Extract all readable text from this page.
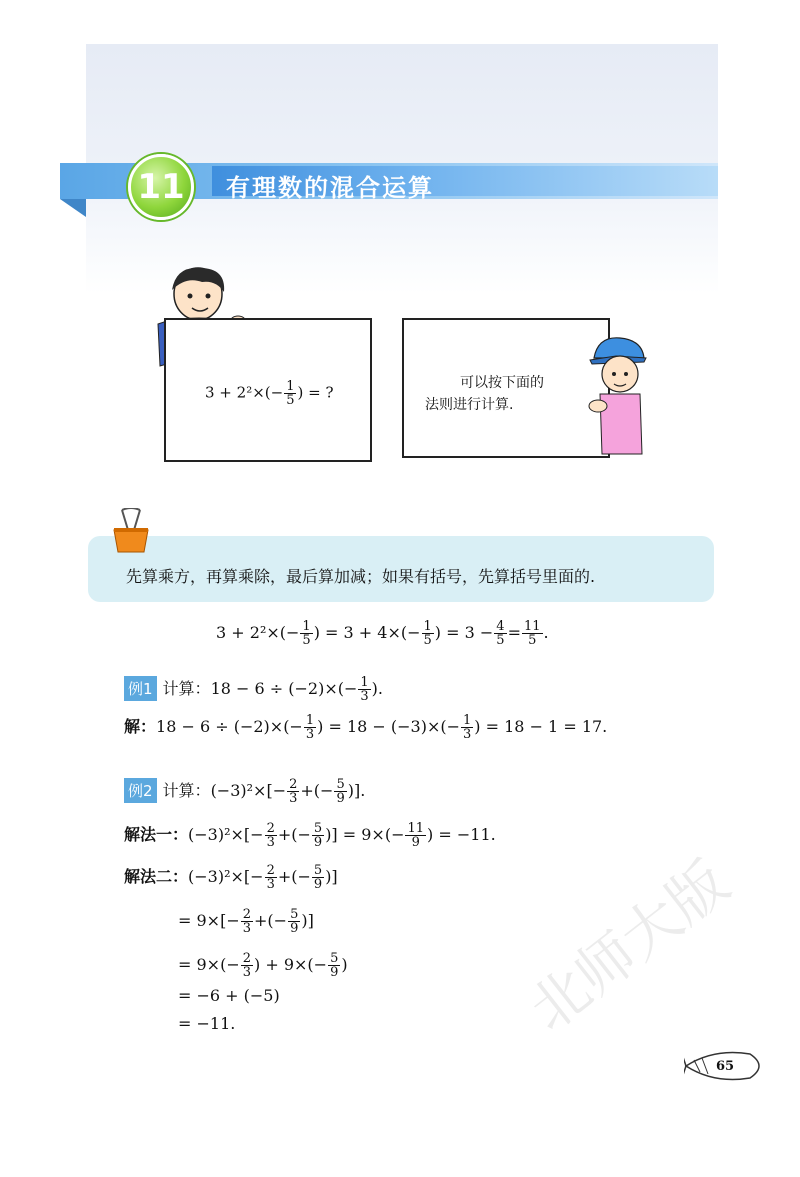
有理数的混合运算
11
$3 + 2^2\times(- \frac{1}{5}$ ) = ?
可以按下面的
法则进行计算.
先算乘方，再算乘除，最后算加减；如果有括号，先算括号里面的.
$3 + 2^2\times(- \frac{1}{5}$ ) = $3 + 4\times(- \frac{1}{5}$ ) = $3 - \frac{4}{5} = \frac{11}{5}$ .
例1 计算：$18 - 6 \div (-2)\times(- \frac{1}{3}$ ).
解：$18 - 6 \div (-2)\times(- \frac{1}{3}$ ) = $18 - (-3)\times(- \frac{1}{3}$ ) = 18 − 1 = 17.
例2 计算：$(-3)^2\times[- \frac{2}{3}$ +(− $\frac{5}{9}$ )].
解法一：$(-3)^2\times[- \frac{2}{3}$ +(− $\frac{5}{9}$ )] = $9\times(- \frac{11}{9}$ ) = −11.
解法二：$(-3)^2\times[- \frac{2}{3}$ +(− $\frac{5}{9}$ )]
= $9\times[- \frac{2}{3}$ +(− $\frac{5}{9}$ )]
= $9\times(- \frac{2}{3}$ ) + $9\times(- \frac{5}{9}$ )
= −6 + (−5)
= −11.	北师大版
65
